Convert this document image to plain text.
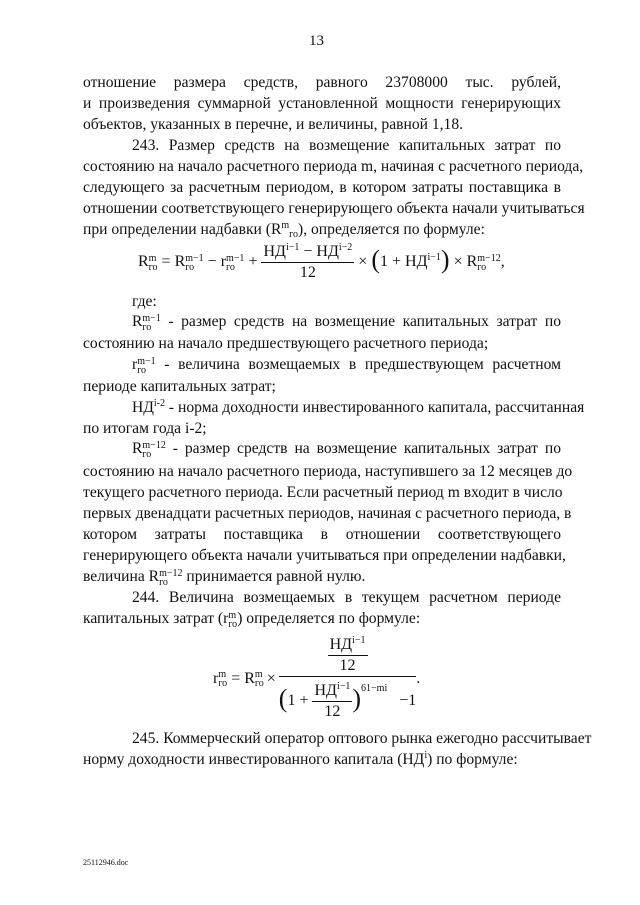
13
отношение размера средств, равного 23708000 тыс. рублей,
и произведения суммарной установленной мощности генерирующих
объектов, указанных в перечне, и величины, равной 1,18.
243. Размер средств на возмещение капитальных затрат по
состоянию на начало расчетного периода m, начиная с расчетного периода,
следующего за расчетным периодом, в котором затраты поставщика в
отношении соответствующего генерирующего объекта начали учитываться
при определении надбавки $(R^mго)$, определяется по формуле:
R m
го = R m−1
го − r m−1
го + $\frac{НД^{i-1} - НД^{i-2}}{12} \times (1 + НД^{i-1}) \times R$ m−12
го ,
где:
R m−1
го	- размер средств на возмещение капитальных затрат по
состоянию на начало предшествующего расчетного периода;
r m−1
го	- величина возмещаемых в предшествующем расчетном
периоде капитальных затрат;
НД$^{i-2}$ - норма доходности инвестированного капитала, рассчитанная
по итогам года i-2;
R m−12
го	- размер средств на возмещение капитальных затрат по
состоянию на начало расчетного периода, наступившего за 12 месяцев до
текущего расчетного периода. Если расчетный период m входит в число
первых двенадцати расчетных периодов, начиная с расчетного периода, в
котором затраты поставщика в отношении соответствующего
генерирующего объекта начали учитываться при определении надбавки,
величина R m−12
го	принимается равной нулю.
244. Величина возмещаемых в текущем расчетном периоде
капитальных затрат (r m
го ) определяется по формуле:
r m
го = R m
го ×
$\frac{НД^{i-1}}{12}$
$(1 + \frac{НД^{i-1}}{12} )^{61-mi} -1$
.
245. Коммерческий оператор оптового рынка ежегодно рассчитывает
норму доходности инвестированного капитала $(НД^i)$ по формуле:
25112946.doc
